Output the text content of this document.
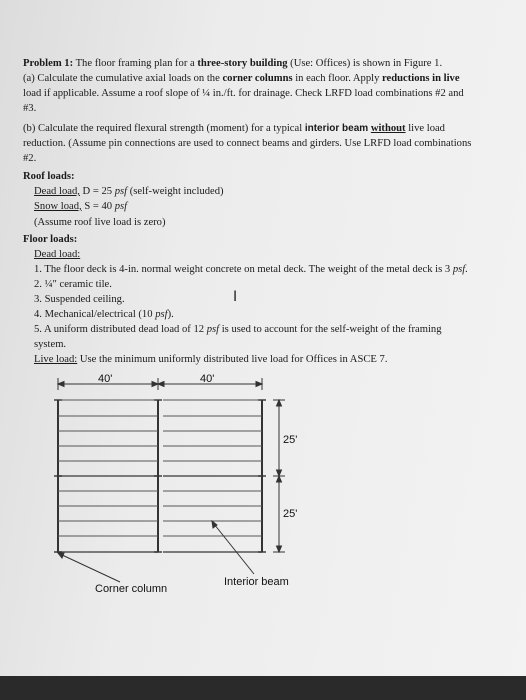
Problem 1: The floor framing plan for a three-story building (Use: Offices) is shown in Figure 1.
(a) Calculate the cumulative axial loads on the corner columns in each floor. Apply reductions in live
load if applicable. Assume a roof slope of ¼ in./ft. for drainage. Check LRFD load combinations #2 and
#3.
(b) Calculate the required flexural strength (moment) for a typical interior beam without live load
reduction. (Assume pin connections are used to connect beams and girders. Use LRFD load combinations
#2.
Roof loads:
Dead load, D = 25 psf (self-weight included)
Snow load, S = 40 psf
(Assume roof live load is zero)
Floor loads:
Dead load:
1. The floor deck is 4-in. normal weight concrete on metal deck. The weight of the metal deck is 3 psf.
2. ¼" ceramic tile.
3. Suspended ceiling.	I
4. Mechanical/electrical (10 psf).
5. A uniform distributed dead load of 12 psf is used to account for the self-weight of the framing
system.
Live load: Use the minimum uniformly distributed live load for Offices in ASCE 7.
40'	40'
25'
25'
Corner column
Interior beam
